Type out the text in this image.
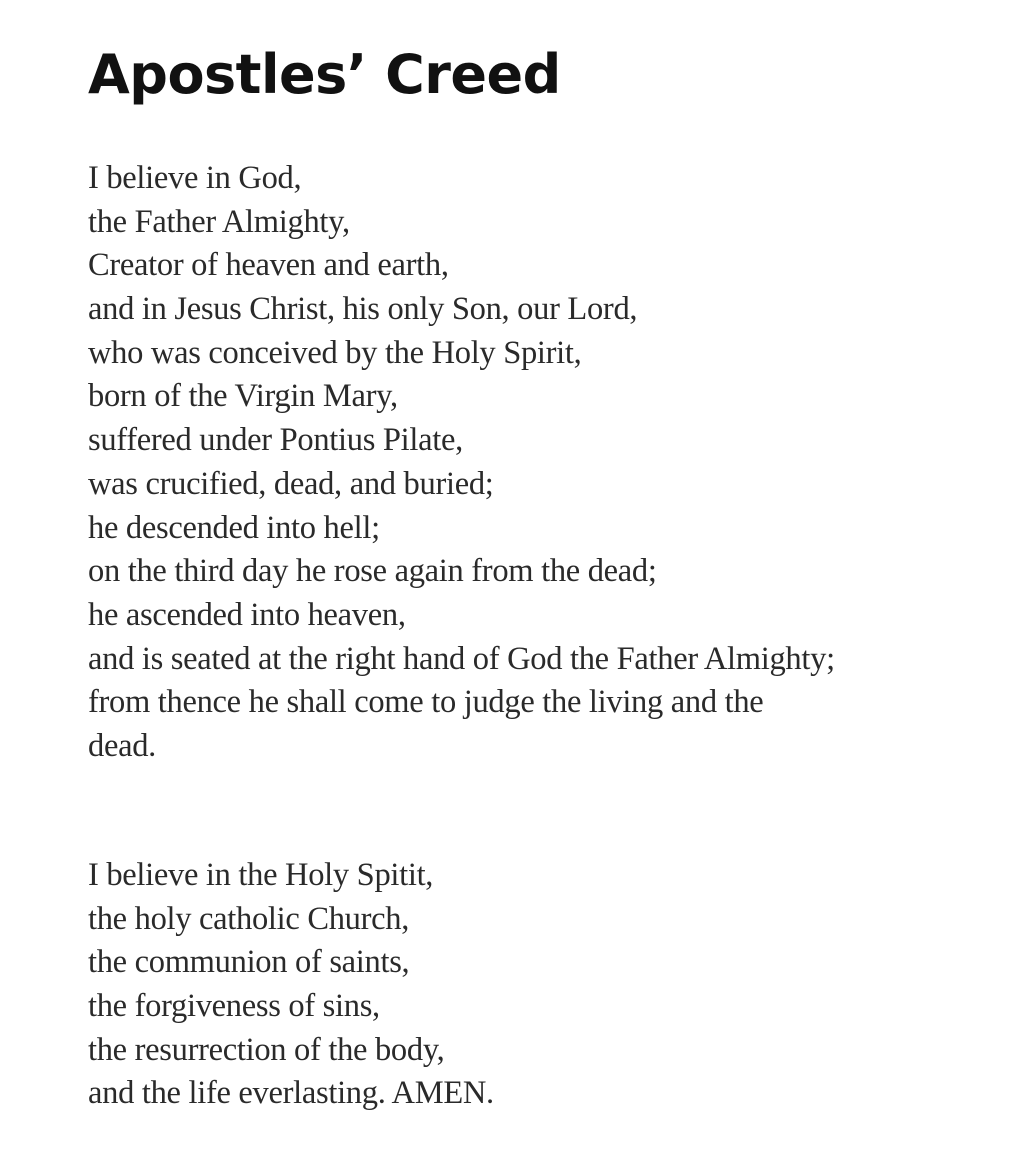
Apostles’ Creed
I believe in God,
the Father Almighty,
Creator of heaven and earth,
and in Jesus Christ, his only Son, our Lord,
who was conceived by the Holy Spirit,
born of the Virgin Mary,
suffered under Pontius Pilate,
was crucified, dead, and buried;
he descended into hell;
on the third day he rose again from the dead;
he ascended into heaven,
and is seated at the right hand of God the Father Almighty;
from thence he shall come to judge the living and the
dead.
I believe in the Holy Spitit,
the holy catholic Church,
the communion of saints,
the forgiveness of sins,
the resurrection of the body,
and the life everlasting. AMEN.
